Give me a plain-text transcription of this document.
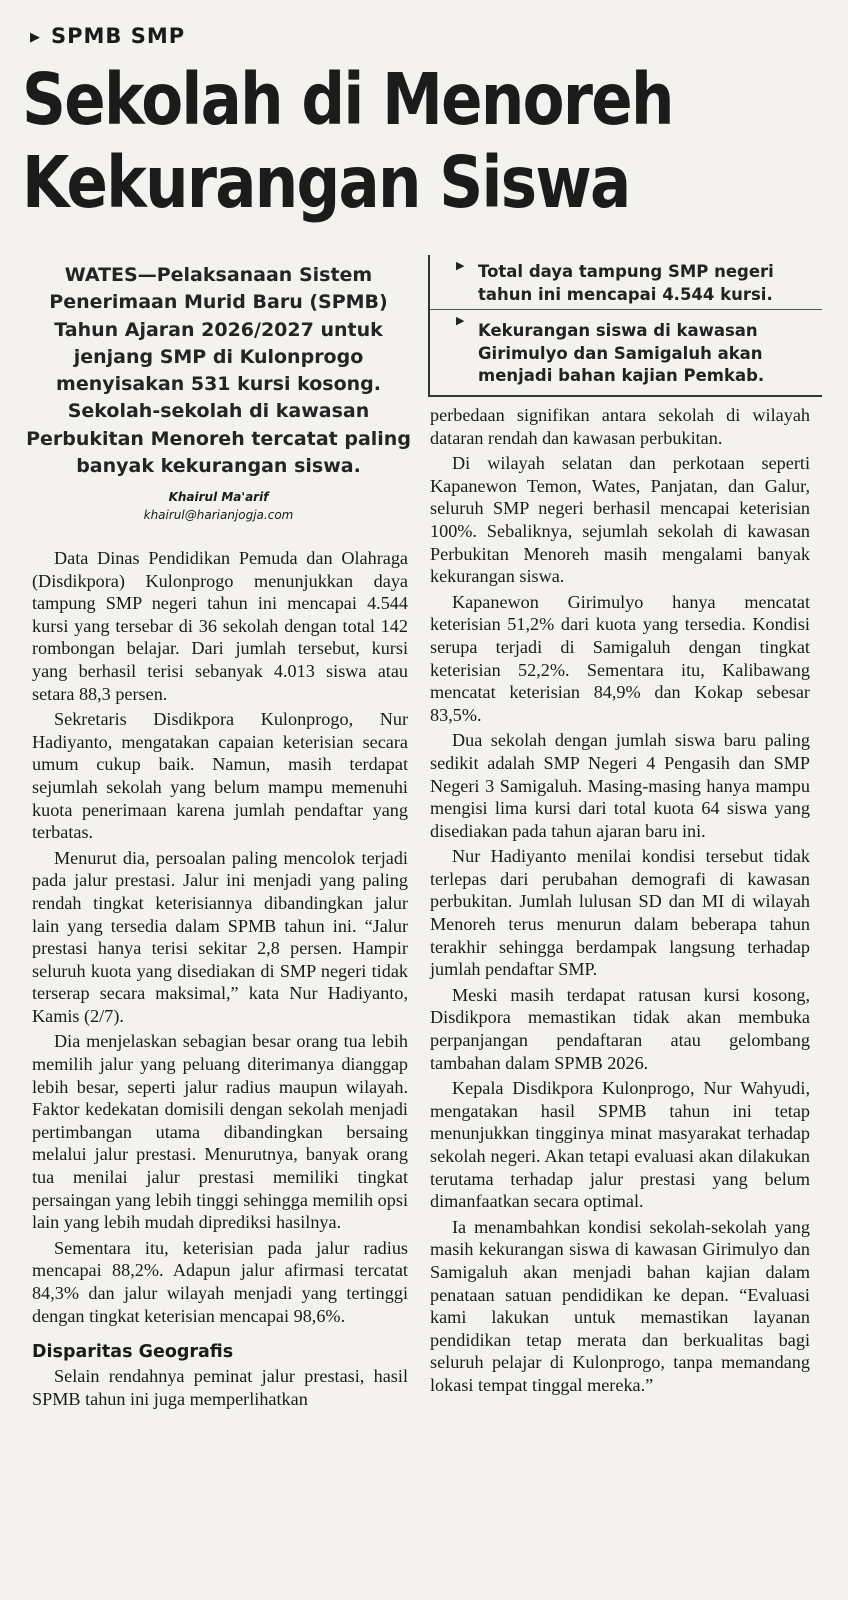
▶ SPMB SMP
Sekolah di Menoreh
Kekurangan Siswa
WATES—Pelaksanaan Sistem Penerimaan Murid Baru (SPMB) Tahun Ajaran 2026/2027 untuk jenjang SMP di Kulonprogo menyisakan 531 kursi kosong. Sekolah-sekolah di kawasan Perbukitan Menoreh tercatat paling banyak kekurangan siswa.
Khairul Ma'arif
khairul@harianjogja.com
▶ Total daya tampung SMP negeri tahun ini mencapai 4.544 kursi.
▶
Kekurangan siswa di kawasan Girimulyo dan Samigaluh akan menjadi bahan kajian Pemkab.

Data Dinas Pendidikan Pemuda dan Olahraga (Disdikpora) Kulonprogo menunjukkan daya tampung SMP negeri tahun ini mencapai 4.544 kursi yang tersebar di 36 sekolah dengan total 142 rombongan belajar. Dari jumlah tersebut, kursi yang berhasil terisi sebanyak 4.013 siswa atau setara 88,3 persen.

Sekretaris Disdikpora Kulonprogo, Nur Hadiyanto, mengatakan capaian keterisian secara umum cukup baik. Namun, masih terdapat sejumlah sekolah yang belum mampu memenuhi kuota penerimaan karena jumlah pendaftar yang terbatas.

Menurut dia, persoalan paling mencolok terjadi pada jalur prestasi. Jalur ini menjadi yang paling rendah tingkat keterisiannya dibandingkan jalur lain yang tersedia dalam SPMB tahun ini. “Jalur prestasi hanya terisi sekitar 2,8 persen. Hampir seluruh kuota yang disediakan di SMP negeri tidak terserap secara maksimal,” kata Nur Hadiyanto, Kamis (2/7).

Dia menjelaskan sebagian besar orang tua lebih memilih jalur yang peluang diterimanya dianggap lebih besar, seperti jalur radius maupun wilayah. Faktor kedekatan domisili dengan sekolah menjadi pertimbangan utama dibandingkan bersaing melalui jalur prestasi. Menurutnya, banyak orang tua menilai jalur prestasi memiliki tingkat persaingan yang lebih tinggi sehingga memilih opsi lain yang lebih mudah diprediksi hasilnya.

Sementara itu, keterisian pada jalur radius mencapai 88,2%. Adapun jalur afirmasi tercatat 84,3% dan jalur wilayah menjadi yang tertinggi dengan tingkat keterisian mencapai 98,6%.

Disparitas Geografis

Selain rendahnya peminat jalur prestasi, hasil SPMB tahun ini juga memperlihatkan

perbedaan signifikan antara sekolah di wilayah dataran rendah dan kawasan perbukitan.

Di wilayah selatan dan perkotaan seperti Kapanewon Temon, Wates, Panjatan, dan Galur, seluruh SMP negeri berhasil mencapai keterisian 100%. Sebaliknya, sejumlah sekolah di kawasan Perbukitan Menoreh masih mengalami banyak kekurangan siswa.

Kapanewon Girimulyo hanya mencatat keterisian 51,2% dari kuota yang tersedia. Kondisi serupa terjadi di Samigaluh dengan tingkat keterisian 52,2%. Sementara itu, Kalibawang mencatat keterisian 84,9% dan Kokap sebesar 83,5%.

Dua sekolah dengan jumlah siswa baru paling sedikit adalah SMP Negeri 4 Pengasih dan SMP Negeri 3 Samigaluh. Masing-masing hanya mampu mengisi lima kursi dari total kuota 64 siswa yang disediakan pada tahun ajaran baru ini.

Nur Hadiyanto menilai kondisi tersebut tidak terlepas dari perubahan demografi di kawasan perbukitan. Jumlah lulusan SD dan MI di wilayah Menoreh terus menurun dalam beberapa tahun terakhir sehingga berdampak langsung terhadap jumlah pendaftar SMP.

Meski masih terdapat ratusan kursi kosong, Disdikpora memastikan tidak akan membuka perpanjangan pendaftaran atau gelombang tambahan dalam SPMB 2026.

Kepala Disdikpora Kulonprogo, Nur Wahyudi, mengatakan hasil SPMB tahun ini tetap menunjukkan tingginya minat masyarakat terhadap sekolah negeri. Akan tetapi evaluasi akan dilakukan terutama terhadap jalur prestasi yang belum dimanfaatkan secara optimal.

Ia menambahkan kondisi sekolah-sekolah yang masih kekurangan siswa di kawasan Girimulyo dan Samigaluh akan menjadi bahan kajian dalam penataan satuan pendidikan ke depan. “Evaluasi kami lakukan untuk memastikan layanan pendidikan tetap merata dan berkualitas bagi seluruh pelajar di Kulonprogo, tanpa memandang lokasi tempat tinggal mereka.”
